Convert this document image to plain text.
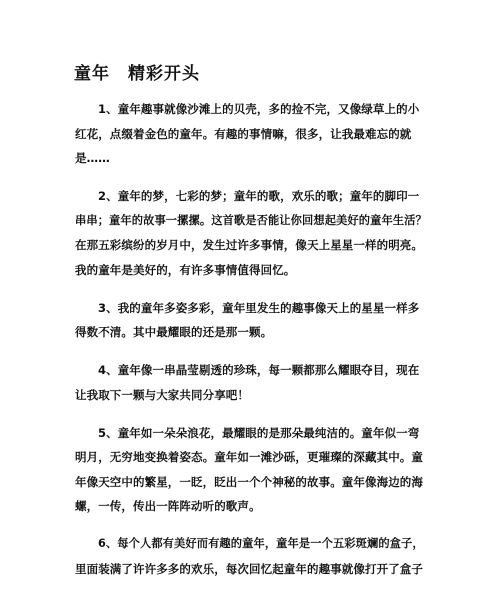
童年　精彩开头
1、童年趣事就像沙滩上的贝壳，多的捡不完，又像绿草上的小
红花，点缀着金色的童年。有趣的事情嘛，很多，让我最难忘的就
是……
2、童年的梦，七彩的梦；童年的歌，欢乐的歌；童年的脚印一
串串；童年的故事一摞摞。这首歌是否能让你回想起美好的童年生活？
在那五彩缤纷的岁月中，发生过许多事情，像天上星星一样的明亮。
我的童年是美好的，有许多事情值得回忆。
3、我的童年多姿多彩，童年里发生的趣事像天上的星星一样多
得数不清。其中最耀眼的还是那一颗。
4、童年像一串晶莹剔透的珍珠，每一颗都那么耀眼夺目，现在
让我取下一颗与大家共同分享吧！
5、童年如一朵朵浪花，最耀眼的是那朵最纯洁的。童年似一弯
明月，无穷地变换着姿态。童年如一滩沙砾，更璀璨的深藏其中。童
年像天空中的繁星，一眨，眨出一个个神秘的故事。童年像海边的海
螺，一传，传出一阵阵动听的歌声。
6、每个人都有美好而有趣的童年，童年是一个五彩斑斓的盒子，
里面装满了许许多多的欢乐，每次回忆起童年的趣事就像打开了盒子
